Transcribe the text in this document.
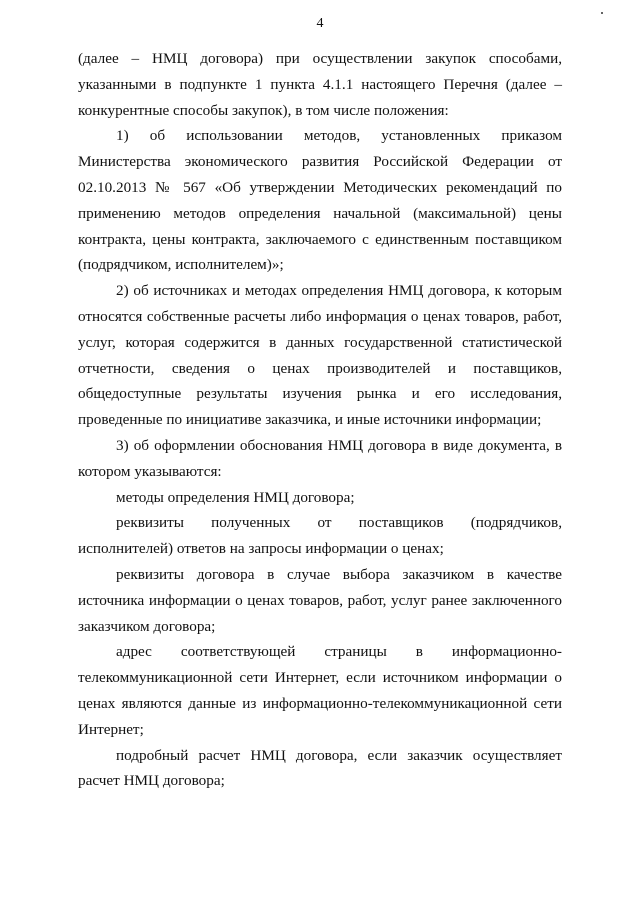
4

(далее – НМЦ договора) при осуществлении закупок способами, указанными в подпункте 1 пункта 4.1.1 настоящего Перечня (далее – конкурентные способы закупок), в том числе положения:

1) об использовании методов, установленных приказом Министерства экономического развития Российской Федерации от 02.10.2013 № 567 «Об утверждении Методических рекомендаций по применению методов определения начальной (максимальной) цены контракта, цены контракта, заключаемого с единственным поставщиком (подрядчиком, исполнителем)»;

2) об источниках и методах определения НМЦ договора, к которым относятся собственные расчеты либо информация о ценах товаров, работ, услуг, которая содержится в данных государственной статистической отчетности, сведения о ценах производителей и поставщиков, общедоступные результаты изучения рынка и его исследования, проведенные по инициативе заказчика, и иные источники информации;

3) об оформлении обоснования НМЦ договора в виде документа, в котором указываются:

методы определения НМЦ договора;

реквизиты полученных от поставщиков (подрядчиков, исполнителей) ответов на запросы информации о ценах;

реквизиты договора в случае выбора заказчиком в качестве источника информации о ценах товаров, работ, услуг ранее заключенного заказчиком договора;

адрес соответствующей страницы в информационно-телекоммуникационной сети Интернет, если источником информации о ценах являются данные из информационно-телекоммуникационной сети Интернет;

подробный расчет НМЦ договора, если заказчик осуществляет расчет НМЦ договора;
